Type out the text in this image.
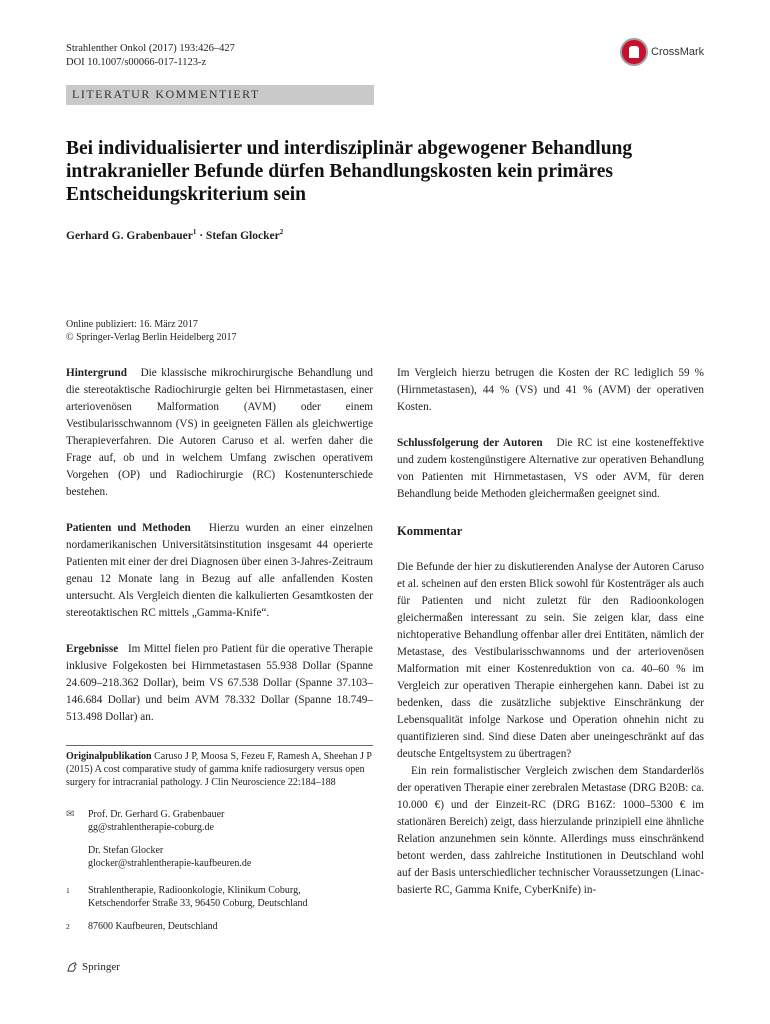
Strahlenther Onkol (2017) 193:426–427
DOI 10.1007/s00066-017-1123-z
CrossMark
LITERATUR KOMMENTIERT
Bei individualisierter und interdisziplinär abgewogener Behandlung intrakranieller Befunde dürfen Behandlungskosten kein primäres Entscheidungskriterium sein
Gerhard G. Grabenbauer$^1$ · Stefan Glocker$^2$
Online publiziert: 16. März 2017
© Springer-Verlag Berlin Heidelberg 2017

Hintergrund Die klassische mikrochirurgische Behandlung und die stereotaktische Radiochirurgie gelten bei Hirnmetastasen, einer arteriovenösen Malformation (AVM) oder einem Vestibularisschwannom (VS) in geeigneten Fällen als gleichwertige Therapieverfahren. Die Autoren Caruso et al. werfen daher die Frage auf, ob und in welchem Umfang zwischen operativem Vorgehen (OP) und Radiochirurgie (RC) Kostenunterschiede bestehen.

Patienten und Methoden Hierzu wurden an einer einzelnen nordamerikanischen Universitätsinstitution insgesamt 44 operierte Patienten mit einer der drei Diagnosen über einen 3-Jahres-Zeitraum genau 12 Monate lang in Bezug auf alle anfallenden Kosten untersucht. Als Vergleich dienten die kalkulierten Gesamtkosten der stereotaktischen RC mittels „Gamma-Knife“.

Ergebnisse Im Mittel fielen pro Patient für die operative Therapie inklusive Folgekosten bei Hirnmetastasen 55.938 Dollar (Spanne 24.609–218.362 Dollar), beim VS 67.538 Dollar (Spanne 37.103–146.684 Dollar) und beim AVM 78.332 Dollar (Spanne 18.749–513.498 Dollar) an.

Originalpublikation Caruso J P, Moosa S, Fezeu F, Ramesh A, Sheehan J P (2015) A cost comparative study of gamma knife radiosurgery versus open surgery for intracranial pathology. J Clin Neuroscience 22:184–188

✉	Prof. Dr. Gerhard G. Grabenbauer
gg@strahlentherapie-coburg.de
Dr. Stefan Glocker
glocker@strahlentherapie-kaufbeuren.de
1	Strahlentherapie, Radioonkologie, Klinikum Coburg, Ketschendorfer Straße 33, 96450 Coburg, Deutschland
2	87600 Kaufbeuren, Deutschland

Im Vergleich hierzu betrugen die Kosten der RC lediglich 59 % (Hirnmetastasen), 44 % (VS) und 41 % (AVM) der operativen Kosten.

Schlussfolgerung der Autoren Die RC ist eine kosteneffektive und zudem kostengünstigere Alternative zur operativen Behandlung von Patienten mit Hirnmetastasen, VS oder AVM, für deren Behandlung beide Methoden gleichermaßen geeignet sind.

Kommentar

Die Befunde der hier zu diskutierenden Analyse der Autoren Caruso et al. scheinen auf den ersten Blick sowohl für Kostenträger als auch für Patienten und nicht zuletzt für den Radioonkologen gleichermaßen interessant zu sein. Sie zeigen klar, dass eine nichtoperative Behandlung offenbar aller drei Entitäten, nämlich der Metastase, des Vestibularisschwannoms und der arteriovenösen Malformation mit einer Kostenreduktion von ca. 40–60 % im Vergleich zur operativen Therapie einhergehen kann. Dabei ist zu bedenken, dass die zusätzliche subjektive Einschränkung der Lebensqualität infolge Narkose und Operation ohnehin nicht zu quantifizieren sind. Sind diese Daten aber uneingeschränkt auf das deutsche Entgeltsystem zu übertragen?

Ein rein formalistischer Vergleich zwischen dem Standarderlös der operativen Therapie einer zerebralen Metastase (DRG B20B: ca. 10.000 €) und der Einzeit-RC (DRG B16Z: 1000–5300 € im stationären Bereich) zeigt, dass hierzulande prinzipiell eine ähnliche Relation anzunehmen sein könnte. Allerdings muss einschränkend betont werden, dass zahlreiche Institutionen in Deutschland wohl auf der Basis unterschiedlicher technischer Voraussetzungen (Linac-basierte RC, Gamma Knife, CyberKnife) in-

Springer
